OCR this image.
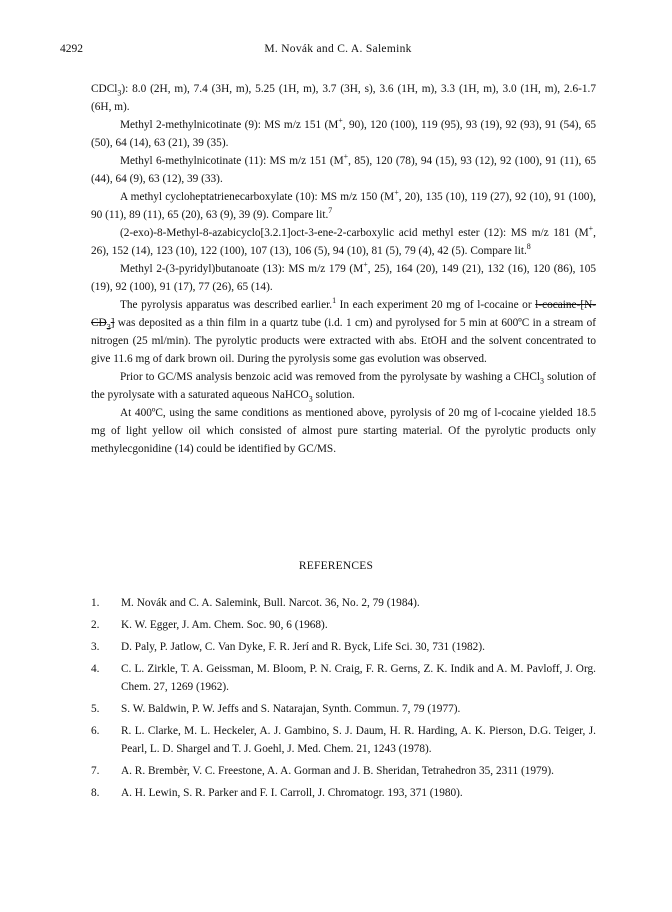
4292	M. Novák and C. A. Salemink

CDCl$_3$): 8.0 (2H, m), 7.4 (3H, m), 5.25 (1H, m), 3.7 (3H, s), 3.6 (1H, m), 3.3 (1H, m), 3.0 (1H, m), 2.6-1.7 (6H, m).

Methyl 2-methylnicotinate (9): MS m/z 151 (M+, 90), 120 (100), 119 (95), 93 (19), 92 (93), 91 (54), 65 (50), 64 (14), 63 (21), 39 (35).

Methyl 6-methylnicotinate (11): MS m/z 151 (M+, 85), 120 (78), 94 (15), 93 (12), 92 (100), 91 (11), 65 (44), 64 (9), 63 (12), 39 (33).

A methyl cycloheptatrienecarboxylate (10): MS m/z 150 (M+, 20), 135 (10), 119 (27), 92 (10), 91 (100), 90 (11), 89 (11), 65 (20), 63 (9), 39 (9). Compare lit.$^7$

(2-exo)-8-Methyl-8-azabicyclo[3.2.1]oct-3-ene-2-carboxylic acid methyl ester (12): MS m/z 181 (M+, 26), 152 (14), 123 (10), 122 (100), 107 (13), 106 (5), 94 (10), 81 (5), 79 (4), 42 (5). Compare lit.$^8$

Methyl 2-(3-pyridyl)butanoate (13): MS m/z 179 (M+, 25), 164 (20), 149 (21), 132 (16), 120 (86), 105 (19), 92 (100), 91 (17), 77 (26), 65 (14).

The pyrolysis apparatus was described earlier.$^1$ In each experiment 20 mg of l-cocaine or $l-cocaine-[N-CD_3]$ was deposited as a thin film in a quartz tube (i.d. 1 cm) and pyrolysed for 5 min at 600ºC in a stream of nitrogen (25 ml/min). The pyrolytic products were extracted with abs. EtOH and the solvent concentrated to give 11.6 mg of dark brown oil. During the pyrolysis some gas evolution was observed.

Prior to GC/MS analysis benzoic acid was removed from the pyrolysate by washing a CHCl$_3$ solution of the pyrolysate with a saturated aqueous NaHCO$_3$ solution.

At 400ºC, using the same conditions as mentioned above, pyrolysis of 20 mg of l-cocaine yielded 18.5 mg of light yellow oil which consisted of almost pure starting material. Of the pyrolytic products only methylecgonidine (14) could be identified by GC/MS.

REFERENCES
1. M. Novák and C. A. Salemink, Bull. Narcot. 36, No. 2, 79 (1984).
2. K. W. Egger, J. Am. Chem. Soc. 90, 6 (1968).
3. D. Paly, P. Jatlow, C. Van Dyke, F. R. Jerí and R. Byck, Life Sci. 30, 731 (1982).
4. C. L. Zirkle, T. A. Geissman, M. Bloom, P. N. Craig, F. R. Gerns, Z. K. Indik and A. M. Pavloff, J. Org. Chem. 27, 1269 (1962).
5. S. W. Baldwin, P. W. Jeffs and S. Natarajan, Synth. Commun. 7, 79 (1977).
6. R. L. Clarke, M. L. Heckeler, A. J. Gambino, S. J. Daum, H. R. Harding, A. K. Pierson, D.G. Teiger, J. Pearl, L. D. Shargel and T. J. Goehl, J. Med. Chem. 21, 1243 (1978).
7. A. R. Brembèr, V. C. Freestone, A. A. Gorman and J. B. Sheridan, Tetrahedron 35, 2311 (1979).
8. A. H. Lewin, S. R. Parker and F. I. Carroll, J. Chromatogr. 193, 371 (1980).
